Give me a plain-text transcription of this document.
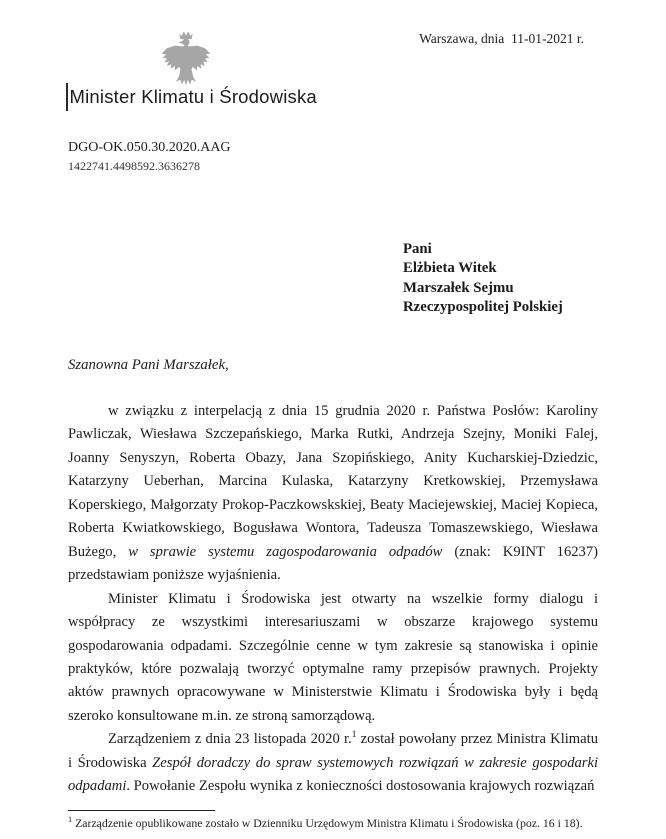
Warszawa, dnia  11-01-2021 r.
Minister Klimatu i Środowiska
DGO-OK.050.30.2020.AAG
1422741.4498592.3636278
Pani
Elżbieta Witek
Marszałek Sejmu
Rzeczypospolitej Polskiej
Szanowna Pani Marszałek,

w związku z interpelacją z dnia 15 grudnia 2020 r. Państwa Posłów: Karoliny Pawliczak, Wiesława Szczepańskiego, Marka Rutki, Andrzeja Szejny, Moniki Falej, Joanny Senyszyn, Roberta Obazy, Jana Szopińskiego, Anity Kucharskiej-Dziedzic, Katarzyny Ueberhan, Marcina Kulaska, Katarzyny Kretkowskiej, Przemysława Koperskiego, Małgorzaty Prokop-Paczkowskskiej, Beaty Maciejewskiej, Maciej Kopieca, Roberta Kwiatkowskiego, Bogusława Wontora, Tadeusza Tomaszewskiego, Wiesława Bużego, w sprawie systemu zagospodarowania odpadów (znak: K9INT 16237) przedstawiam poniższe wyjaśnienia.

Minister Klimatu i Środowiska jest otwarty na wszelkie formy dialogu i współpracy ze wszystkimi interesariuszami w obszarze krajowego systemu gospodarowania odpadami. Szczególnie cenne w tym zakresie są stanowiska i opinie praktyków, które pozwalają tworzyć optymalne ramy przepisów prawnych. Projekty aktów prawnych opracowywane w Ministerstwie Klimatu i Środowiska były i będą szeroko konsultowane m.in. ze stroną samorządową.

Zarządzeniem z dnia 23 listopada 2020 r.$^1$ został powołany przez Ministra Klimatu i Środowiska Zespół doradczy do spraw systemowych rozwiązań w zakresie gospodarki odpadami. Powołanie Zespołu wynika z konieczności dostosowania krajowych rozwiązań

$^1$ Zarządzenie opublikowane zostało w Dzienniku Urzędowym Ministra Klimatu i Środowiska (poz. 16 i 18).
